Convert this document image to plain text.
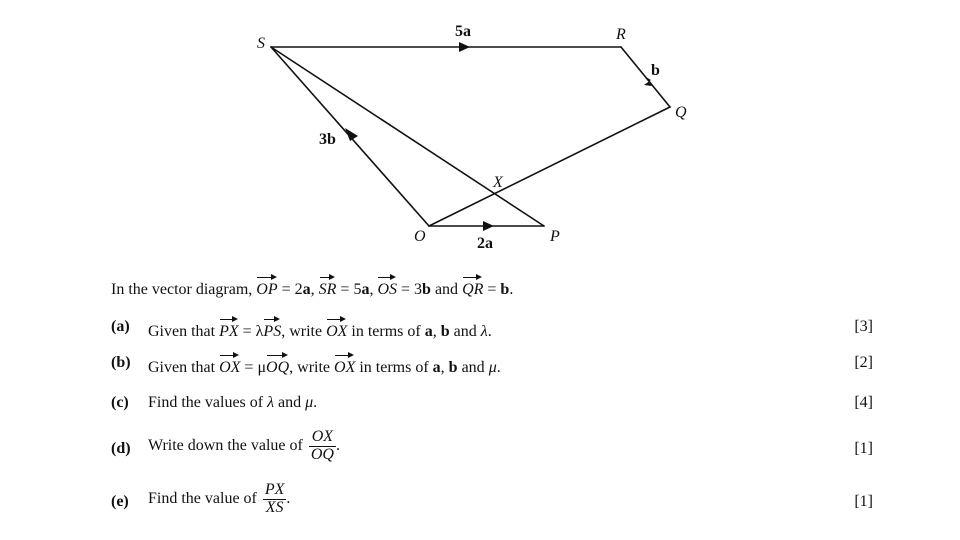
S
R
Q
X
O	P
5a
b
3b
2a
In the vector diagram, OP = 2a, SR = 5a, OS = 3b and QR = b.
(a) Given that PX = λPS, write OX in terms of a, b and λ.	[3]
(b) Given that OX = μOQ, write OX in terms of a, b and μ.	[2]
(c) Find the values of λ and μ.	[4]
(d) Write down the value of $\frac{OX}{OQ}$ .	[1]
(e) Find the value of $\frac{PX}{XS}$ .	[1]
